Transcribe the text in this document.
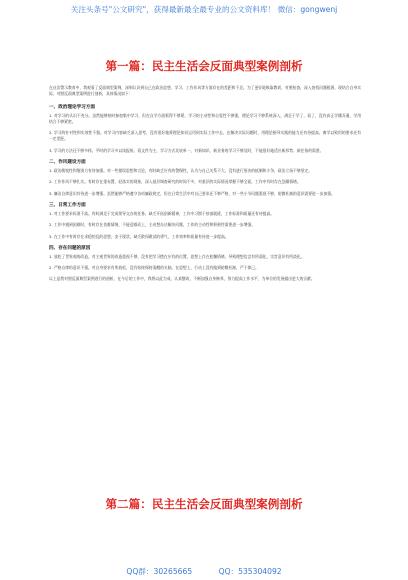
关注头条号"公文研究"，获得最新最全最专业的公文资料库！ 微信：gongwenj
第一篇：民主生活会反面典型案例剖析

在这次警示教育中，我观看了反面典型案例，深刻认识到自己在政治思想、学习、工作作风等方面存在的差距和不足。为了更好地吸取教训，对照检查，深入查找问题根源，现结合自身实际，对照反面典型案例进行剖析，具体情况如下：

一、政治理论学习方面

1. 对学习的认识不充分。虽然能够按时参加集中学习，但在自学方面抓得不够紧，学习的主动性和自觉性不够强，理论学习不够系统深入，满足于学了、看了，没有真正学懂弄通，学用结合不够紧密。

2. 学习的针对性和实效性不强。对学习内容缺乏深入思考，没有很好地将理论知识运用到实际工作中去，在解决实际问题时，用理论指导实践的能力还有待提高，离学以致用的要求还有一定差距。

3. 学习的方法还不够多样。平时的学习多以读报纸、看文件为主，学习方式比较单一，对新知识、新业务的学习不够及时，不能很好地适应新形势、新任务的需要。

二、作风建设方面

1. 政治敏锐性和鉴别力有待加强。对一些错误思想和言论，有时缺乏应有的警惕性，认为与自己关系不大，没有进行坚决的抵制和斗争，政治立场不够坚定。

2. 工作作风不够扎实。有时存在重布置、轻落实的现象，深入基层调查研究的时间不多，对基层的实际情况掌握不够全面，工作中有时存在急躁情绪。

3. 廉洁自律意识有待进一步增强。虽然能够严格遵守各项廉政规定，但在日常生活中对自己要求还不够严格，对一些小节问题重视不够，防微杜渐的意识需要进一步加强。

三、日常工作方面

1. 对工作要求标准不高。有时满足于完成领导交办的任务，缺乏开拓创新精神，工作中习惯于按部就班，工作标准和质量还有待提高。

2. 工作中遇到困难时，有时存在畏难情绪，不能迎难而上，主动想办法解决问题，工作的主动性和积极性需要进一步增强。

3. 在工作中有时存在求稳怕乱的思想，安于现状，缺乏敢闯敢试的勇气，工作效率和质量有待进一步提高。

四、存在问题的原因

1. 放松了世界观的改造。对主观世界的改造重视不够，没有把学习摆在应有的位置，思想上存在松懈情绪，导致理想信念有所弱化，宗旨意识有所淡化。

2. 严格自律的意识不强。对自身要求有所放松，没有始终保持清醒的头脑，在思想上、行动上没有做到防微杜渐，严于律己。

以上是我对照反面典型案例进行的剖析，在今后的工作中，我将以此为戒，认真整改，不断加强自身修养，努力提高工作水平，为单位的发展做出更大的贡献。

第二篇：民主生活会反面典型案例剖析
QQ群：30265665	QQ：535304092
